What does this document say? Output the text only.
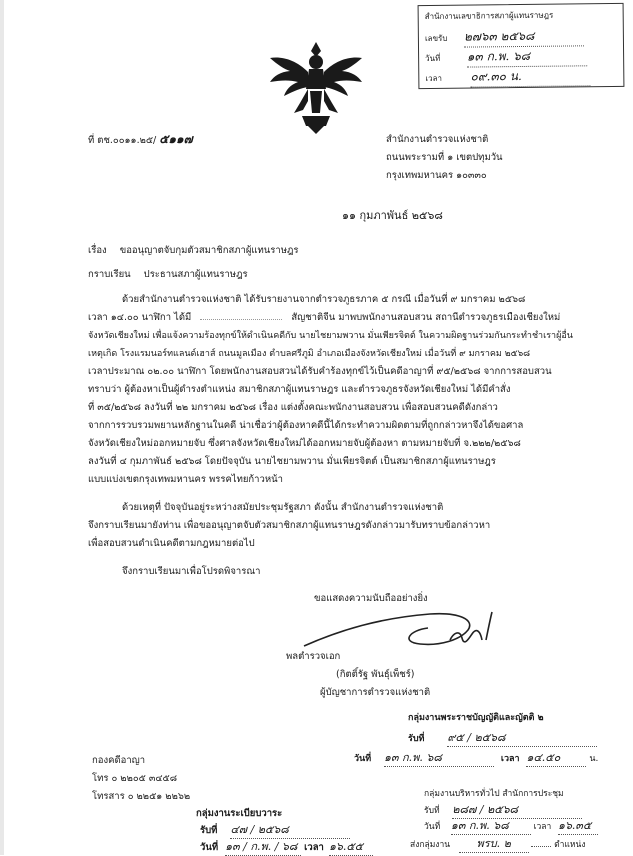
สำนักงานเลขาธิการสภาผู้แทนราษฎร
เลขรับ ๒๗๖๓ ๒๕๖๘
วันที่ ๑๓ ก.พ. ๖๘
เวลา ๐๙.๓๐ น.
ที่ ตช.๐๐๑๑.๒๕/ ๕๑๑๗	สำนักงานตำรวจแห่งชาติ
ถนนพระรามที่ ๑ เขตปทุมวัน
กรุงเทพมหานคร ๑๐๓๓๐
๑๑ กุมภาพันธ์ ๒๕๖๘
เรื่อง ขออนุญาตจับกุมตัวสมาชิกสภาผู้แทนราษฎร
กราบเรียน ประธานสภาผู้แทนราษฎร
ด้วยสำนักงานตำรวจแห่งชาติ ได้รับรายงานจากตำรวจภูธรภาค ๕ กรณี เมื่อวันที่ ๙ มกราคม ๒๕๖๘
เวลา ๑๔.๐๐ นาฬิกา ได้มี	สัญชาติจีน มาพบพนักงานสอบสวน สถานีตำรวจภูธรเมืองเชียงใหม่
จังหวัดเชียงใหม่ เพื่อแจ้งความร้องทุกข์ให้ดำเนินคดีกับ นายไชยามพวาน มั่นเพียรจิตต์ ในความผิดฐานร่วมกันกระทำชำเราผู้อื่น
เหตุเกิด โรงแรมนอร์ทแลนด์เฮาส์ ถนนมูลเมือง ตำบลศรีภูมิ อำเภอเมืองจังหวัดเชียงใหม่ เมื่อวันที่ ๙ มกราคม ๒๕๖๘
เวลาประมาณ ๐๒.๐๐ นาฬิกา โดยพนักงานสอบสวนได้รับคำร้องทุกข์ไว้เป็นคดีอาญาที่ ๙๕/๒๕๖๘ จากการสอบสวน
ทราบว่า ผู้ต้องหาเป็นผู้ดำรงตำแหน่ง สมาชิกสภาผู้แทนราษฎร และตำรวจภูธรจังหวัดเชียงใหม่ ได้มีคำสั่ง
ที่ ๓๕/๒๕๖๘ ลงวันที่ ๒๒ มกราคม ๒๕๖๘ เรื่อง แต่งตั้งคณะพนักงานสอบสวน เพื่อสอบสวนคดีดังกล่าว
จากการรวบรวมพยานหลักฐานในคดี น่าเชื่อว่าผู้ต้องหาคดีนี้ได้กระทำความผิดตามที่ถูกกล่าวหาจึงได้ขอศาล
จังหวัดเชียงใหม่ออกหมายจับ ซึ่งศาลจังหวัดเชียงใหม่ได้ออกหมายจับผู้ต้องหา ตามหมายจับที่ จ.๒๒๒/๒๕๖๘
ลงวันที่ ๔ กุมภาพันธ์ ๒๕๖๘ โดยปัจจุบัน นายไชยามพวาน มั่นเพียรจิตต์ เป็นสมาชิกสภาผู้แทนราษฎร
แบบแบ่งเขตกรุงเทพมหานคร พรรคไทยก้าวหน้า
ด้วยเหตุที่ ปัจจุบันอยู่ระหว่างสมัยประชุมรัฐสภา ดังนั้น สำนักงานตำรวจแห่งชาติ
จึงกราบเรียนมายังท่าน เพื่อขออนุญาตจับตัวสมาชิกสภาผู้แทนราษฎรดังกล่าวมารับทราบข้อกล่าวหา
เพื่อสอบสวนดำเนินคดีตามกฎหมายต่อไป
จึงกราบเรียนมาเพื่อโปรดพิจารณา
ขอแสดงความนับถืออย่างยิ่ง
พลตำรวจเอก
(กิตติ์รัฐ พันธุ์เพ็ชร์)
ผู้บัญชาการตำรวจแห่งชาติ
กลุ่มงานพระราชบัญญัติและญัตติ ๒
รับที่ ๙๕ / ๒๕๖๘
วันที่ ๑๓ ก.พ. ๖๘	เวลา ๑๔.๕๐	น.
กองคดีอาญา
โทร ๐ ๒๒๐๕ ๓๔๕๘
โทรสาร ๐ ๒๒๕๑ ๒๒๖๒	กลุ่มงานบริหารทั่วไป สำนักการประชุม
รับที่ ๒๘๗ / ๒๕๖๘
วันที่ ๑๓ ก.พ. ๖๘	เวลา ๑๖.๓๕
ส่งกลุ่มงาน พรบ. ๒	ตำแหน่ง
กลุ่มงานระเบียบวาระ
รับที่ ๔๗ / ๒๕๖๘
วันที่ ๑๓ / ก.พ. / ๖๘ เวลา ๑๖.๕๕
